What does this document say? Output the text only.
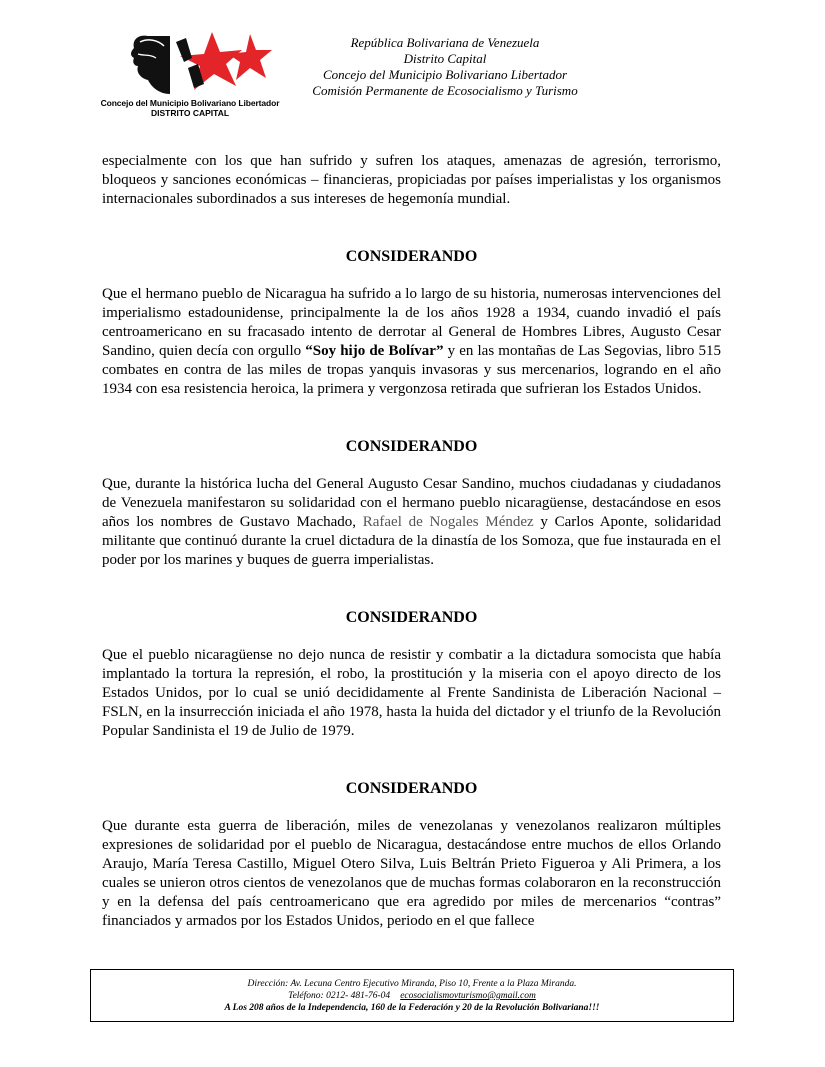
Concejo del Municipio Bolivariano Libertador
DISTRITO CAPITAL
República Bolivariana de Venezuela
Distrito Capital
Concejo del Municipio Bolivariano Libertador
Comisión Permanente de Ecosocialismo y Turismo

especialmente con los que han sufrido y sufren los ataques, amenazas de agresión, terrorismo, bloqueos y sanciones económicas – financieras, propiciadas por países imperialistas y los organismos internacionales subordinados a sus intereses de hegemonía mundial.

CONSIDERANDO

Que el hermano pueblo de Nicaragua ha sufrido a lo largo de su historia, numerosas intervenciones del imperialismo estadounidense, principalmente la de los años 1928 a 1934, cuando invadió el país centroamericano en su fracasado intento de derrotar al General de Hombres Libres, Augusto Cesar Sandino, quien decía con orgullo “Soy hijo de Bolívar” y en las montañas de Las Segovias, libro 515 combates en contra de las miles de tropas yanquis invasoras y sus mercenarios, logrando en el año 1934 con esa resistencia heroica, la primera y vergonzosa retirada que sufrieran los Estados Unidos.

CONSIDERANDO

Que, durante la histórica lucha del General Augusto Cesar Sandino, muchos ciudadanas y ciudadanos de Venezuela manifestaron su solidaridad con el hermano pueblo nicaragüense, destacándose en esos años los nombres de Gustavo Machado, Rafael de Nogales Méndez y Carlos Aponte, solidaridad militante que continuó durante la cruel dictadura de la dinastía de los Somoza, que fue instaurada en el poder por los marines y buques de guerra imperialistas.

CONSIDERANDO

Que el pueblo nicaragüense no dejo nunca de resistir y combatir a la dictadura somocista que había implantado la tortura la represión, el robo, la prostitución y la miseria con el apoyo directo de los Estados Unidos, por lo cual se unió decididamente al Frente Sandinista de Liberación Nacional – FSLN, en la insurrección iniciada el año 1978, hasta la huida del dictador y el triunfo de la Revolución Popular Sandinista el 19 de Julio de 1979.

CONSIDERANDO

Que durante esta guerra de liberación, miles de venezolanas y venezolanos realizaron múltiples expresiones de solidaridad por el pueblo de Nicaragua, destacándose entre muchos de ellos Orlando Araujo, María Teresa Castillo, Miguel Otero Silva, Luis Beltrán Prieto Figueroa y Ali Primera, a los cuales se unieron otros cientos de venezolanos que de muchas formas colaboraron en la reconstrucción y en la defensa del país centroamericano que era agredido por miles de mercenarios “contras” financiados y armados por los Estados Unidos, periodo en el que fallece

Dirección: Av. Lecuna Centro Ejecutivo Miranda, Piso 10, Frente a la Plaza Miranda.
Teléfono: 0212- 481-76-04 ecosocialismovturismo@gmail.com
A Los 208 años de la Independencia, 160 de la Federación y 20 de la Revolución Bolivariana!!!
